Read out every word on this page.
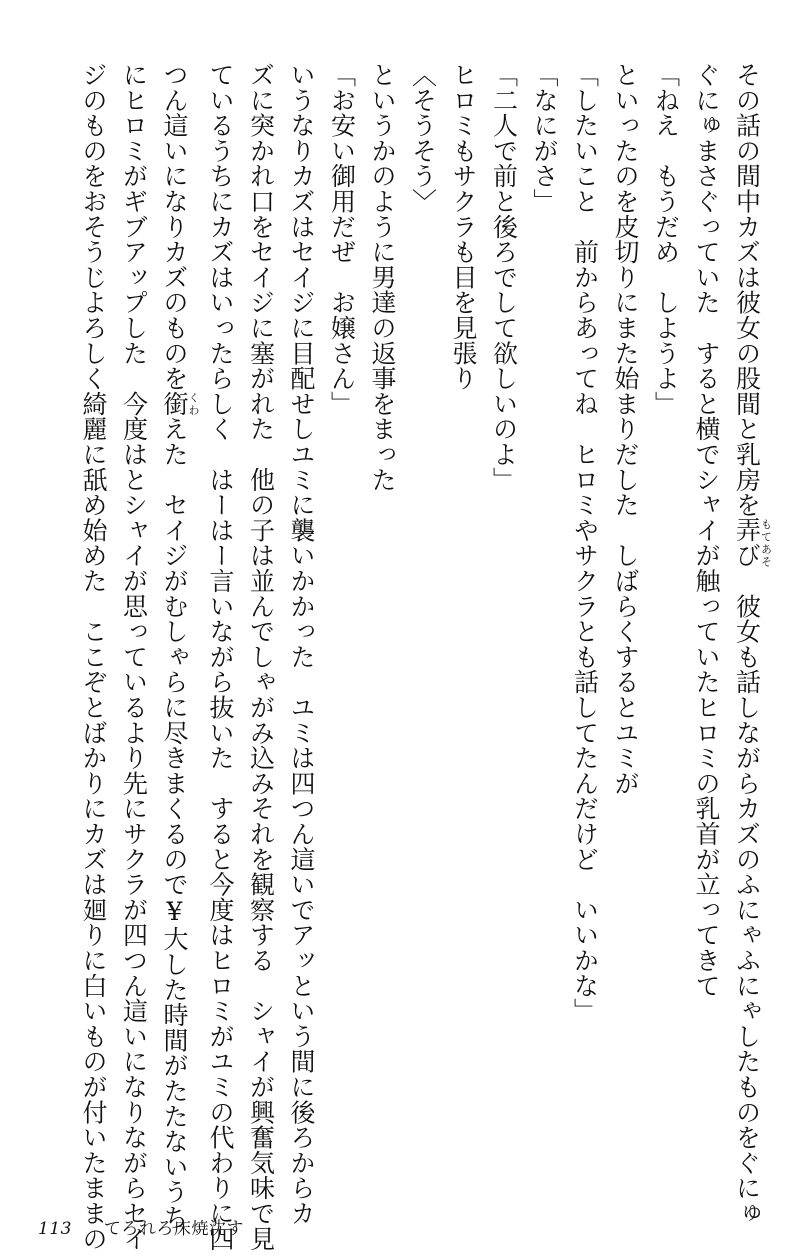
その話の間中カズは彼女の股間と乳房を弄びもてあそ　彼女も話しながらカズのふにゃふにゃしたものをぐにゅ
ぐにゅまさぐっていた　すると横でシャイが触っていたヒロミの乳首が立ってきて
「ねえ　もうだめ　しようよ」
といったのを皮切りにまた始まりだした　しばらくするとユミが
「したいこと　前からあってね　ヒロミやサクラとも話してたんだけど　いいかな」
「なにがさ」
「二人で前と後ろでして欲しいのよ」
ヒロミもサクラも目を見張り
〈そうそう〉
というかのように男達の返事をまった
「お安い御用だぜ　お嬢さん」
いうなりカズはセイジに目配せしユミに襲いかかった　ユミは四つん這いでアッという間に後ろからカ
ズに突かれ口をセイジに塞がれた　他の子は並んでしゃがみ込みそれを観察する　シャイが興奮気味で見
ているうちにカズはいったらしく　はーはー言いながら抜いた　すると今度はヒロミがユミの代わりに四
つん這いになりカズのものを銜くわえた　セイジがむしゃらに尽きまくるので¥大した時間がたたないうち
にヒロミがギブアップした　今度はとシャイが思っているより先にサクラが四つん這いになりながらセイ
ジのものをおそうじよろしく綺麗に舐め始めた　ここぞとばかりにカズは廻りに白いものが付いたままの
113 てろれろ床焼沈す
